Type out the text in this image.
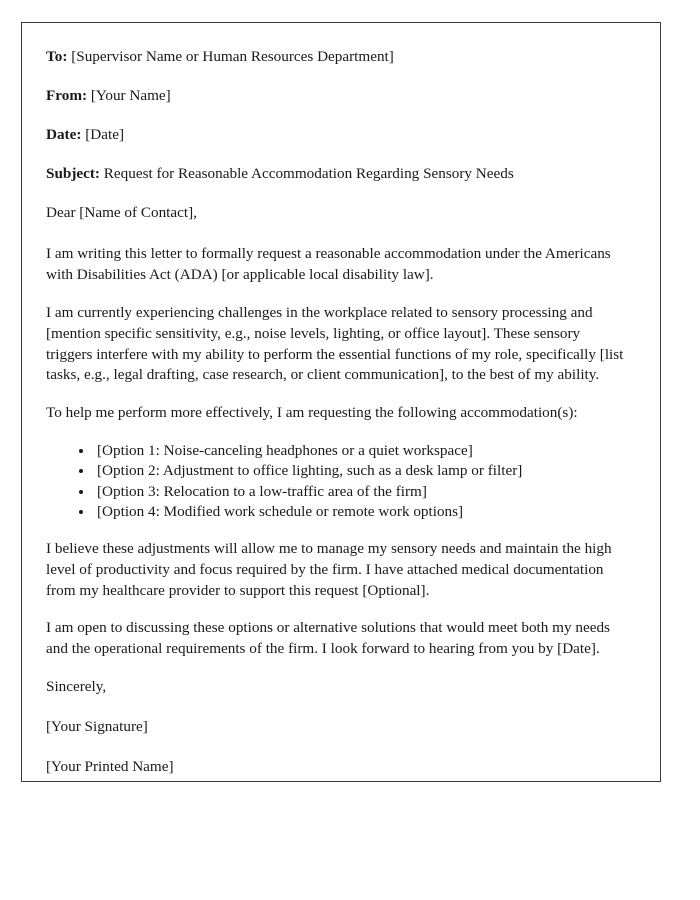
To: [Supervisor Name or Human Resources Department]
From: [Your Name]
Date: [Date]
Subject: Request for Reasonable Accommodation Regarding Sensory Needs
Dear [Name of Contact],

I am writing this letter to formally request a reasonable accommodation under the Americans with Disabilities Act (ADA) [or applicable local disability law].

I am currently experiencing challenges in the workplace related to sensory processing and [mention specific sensitivity, e.g., noise levels, lighting, or office layout]. These sensory triggers interfere with my ability to perform the essential functions of my role, specifically [list tasks, e.g., legal drafting, case research, or client communication], to the best of my ability.

To help me perform more effectively, I am requesting the following accommodation(s):

• [Option 1: Noise-canceling headphones or a quiet workspace]
• [Option 2: Adjustment to office lighting, such as a desk lamp or filter]
• [Option 3: Relocation to a low-traffic area of the firm]
• [Option 4: Modified work schedule or remote work options]

I believe these adjustments will allow me to manage my sensory needs and maintain the high level of productivity and focus required by the firm. I have attached medical documentation from my healthcare provider to support this request [Optional].

I am open to discussing these options or alternative solutions that would meet both my needs and the operational requirements of the firm. I look forward to hearing from you by [Date].

Sincerely,
[Your Signature]
[Your Printed Name]
